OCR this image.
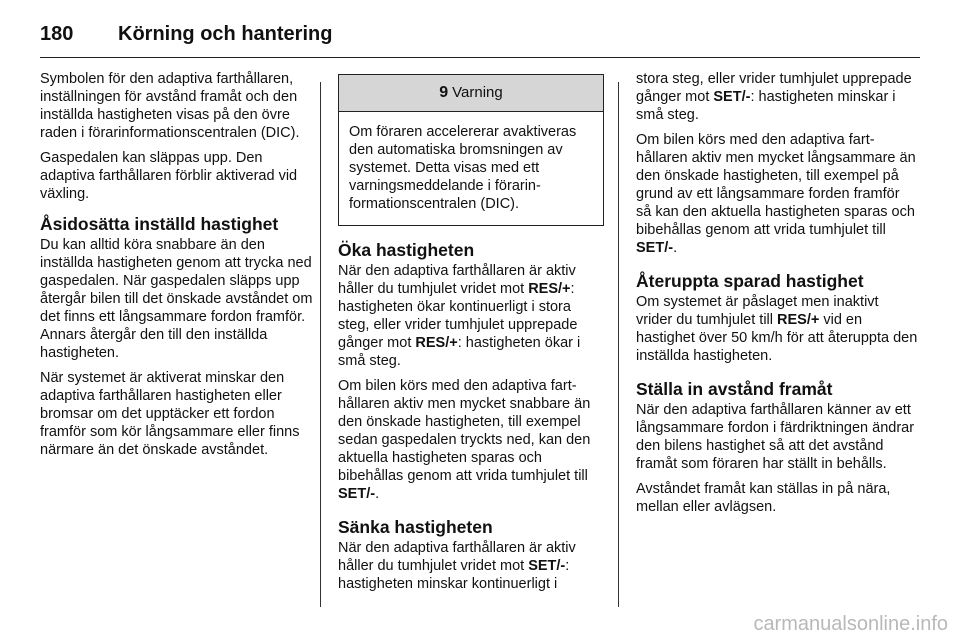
180	Körning och hantering

Symbolen för den adaptiva farthållaren, inställningen för avstånd framåt och den inställda hastigheten visas på den övre raden i förarinformationscentralen (DIC).

Gaspedalen kan släppas upp. Den adaptiva farthållaren förblir aktiverad vid växling.

Åsidosätta inställd hastighet

Du kan alltid köra snabbare än den inställda hastigheten genom att trycka ned gaspedalen. När gaspedalen släpps upp återgår bilen till det önskade avståndet om det finns ett långsammare fordon framför. Annars återgår den till den inställda hastigheten.

När systemet är aktiverat minskar den adaptiva farthållaren hastigheten eller bromsar om det upptäcker ett fordon framför som kör långsammare eller finns närmare än det önskade avståndet.

9 Varning

Om föraren accelererar avaktiveras den automatiska bromsningen av systemet. Detta visas med ett varningsmeddelande i förarinformationscentralen (DIC).

Öka hastigheten

När den adaptiva farthållaren är aktiv håller du tumhjulet vridet mot RES/+: hastigheten ökar kontinuerligt i stora steg, eller vrider tumhjulet upprepade gånger mot RES/+: hastigheten ökar i små steg.

Om bilen körs med den adaptiva farthållaren aktiv men mycket snabbare än den önskade hastigheten, till exempel sedan gaspedalen tryckts ned, kan den aktuella hastigheten sparas och bibehållas genom att vrida tumhjulet till SET/-.

Sänka hastigheten

När den adaptiva farthållaren är aktiv håller du tumhjulet vridet mot SET/-: hastigheten minskar kontinuerligt i

stora steg, eller vrider tumhjulet upprepade gånger mot SET/-: hastigheten minskar i små steg.

Om bilen körs med den adaptiva farthållaren aktiv men mycket långsammare än den önskade hastigheten, till exempel på grund av ett långsammare forden framför så kan den aktuella hastigheten sparas och bibehållas genom att vrida tumhjulet till SET/-.

Återuppta sparad hastighet

Om systemet är påslaget men inaktivt vrider du tumhjulet till RES/+ vid en hastighet över 50 km/h för att återuppta den inställda hastigheten.

Ställa in avstånd framåt

När den adaptiva farthållaren känner av ett långsammare fordon i färdriktningen ändrar den bilens hastighet så att det avstånd framåt som föraren har ställt in behålls.

Avståndet framåt kan ställas in på nära, mellan eller avlägsen.

carmanualsonline.info
